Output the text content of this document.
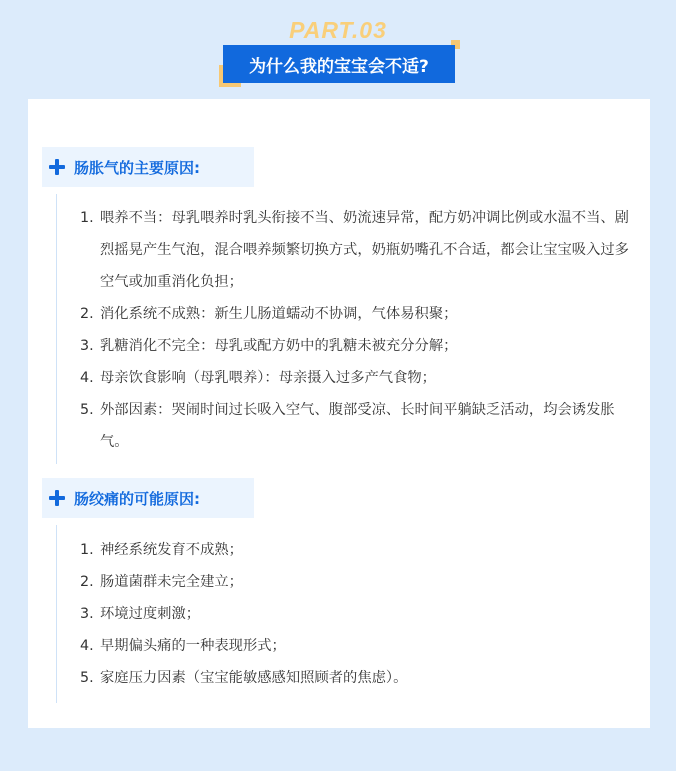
PART.03
为什么我的宝宝会不适?
肠胀气的主要原因:
1. 喂养不当：母乳喂养时乳头衔接不当、奶流速异常，配方奶冲调比例或水温不当、剧烈摇晃产生气泡，混合喂养频繁切换方式，奶瓶奶嘴孔不合适，都会让宝宝吸入过多空气或加重消化负担；
2. 消化系统不成熟：新生儿肠道蠕动不协调，气体易积聚；
3. 乳糖消化不完全：母乳或配方奶中的乳糖未被充分分解；
4. 母亲饮食影响（母乳喂养）：母亲摄入过多产气食物；
5. 外部因素：哭闹时间过长吸入空气、腹部受凉、长时间平躺缺乏活动，均会诱发胀气。
肠绞痛的可能原因:
1. 神经系统发育不成熟；
2. 肠道菌群未完全建立；
3. 环境过度刺激；
4. 早期偏头痛的一种表现形式；
5. 家庭压力因素（宝宝能敏感感知照顾者的焦虑）。
